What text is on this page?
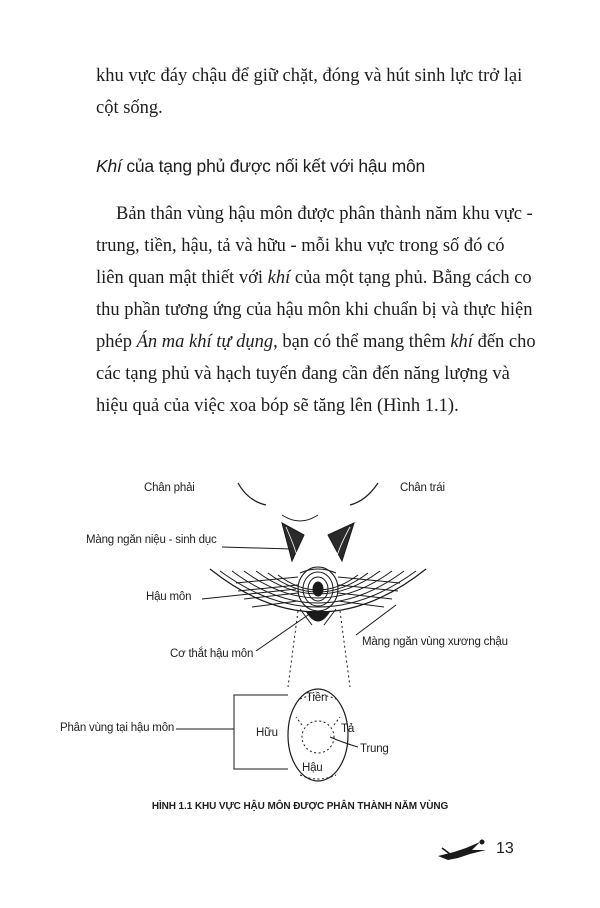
khu vực đáy chậu để giữ chặt, đóng và hút sinh lực trở lại cột sống.

Khí của tạng phủ được nối kết với hậu môn

Bản thân vùng hậu môn được phân thành năm khu vực - trung, tiền, hậu, tả và hữu - mỗi khu vực trong số đó có liên quan mật thiết với khí của một tạng phủ. Bằng cách co thu phần tương ứng của hậu môn khi chuẩn bị và thực hiện phép Án ma khí tự dụng, bạn có thể mang thêm khí đến cho các tạng phủ và hạch tuyến đang cần đến năng lượng và hiệu quả của việc xoa bóp sẽ tăng lên (Hình 1.1).

Chân phải	Chân trái
Màng ngăn niệu - sinh dục
Hậu môn
Màng ngăn vùng xương chậu
Cơ thắt hậu môn
Phân vùng tại hậu môn
Tiền
Hữu	Tả
Trung
Hậu
HÌNH 1.1 KHU VỰC HẬU MÔN ĐƯỢC PHÂN THÀNH NĂM VÙNG
13
